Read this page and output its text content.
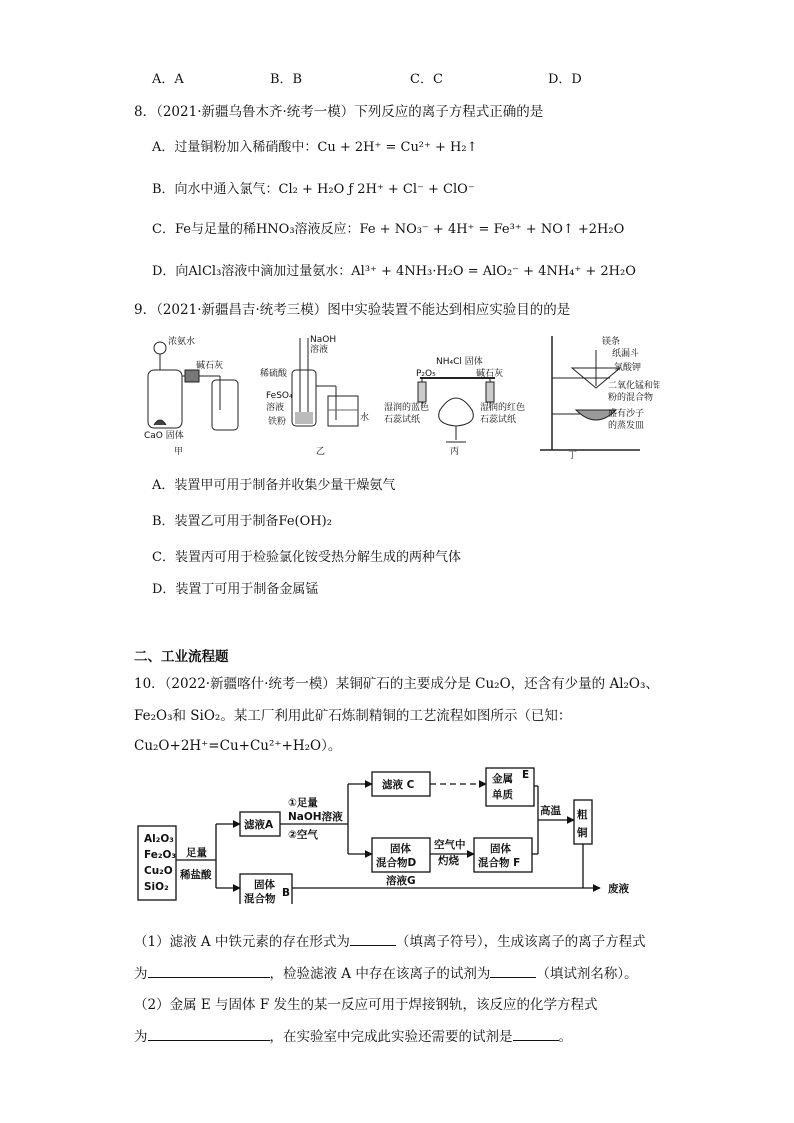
A．A	B．B	C．C	D．D
8．（2021·新疆乌鲁木齐·统考一模）下列反应的离子方程式正确的是
A．过量铜粉加入稀硝酸中：Cu + 2H⁺ = Cu²⁺ + H₂↑
B．向水中通入氯气：Cl₂ + H₂O ƒ 2H⁺ + Cl⁻ + ClO⁻
C．Fe与足量的稀HNO₃溶液反应：Fe + NO₃⁻ + 4H⁺ = Fe³⁺ + NO↑ +2H₂O
D．向AlCl₃溶液中滴加过量氨水：Al³⁺ + 4NH₃·H₂O = AlO₂⁻ + 4NH₄⁺ + 2H₂O
9．（2021·新疆昌吉·统考三模）图中实验装置不能达到相应实验目的的是
浓氨水
碱石灰
CaO 固体
甲
NaOH
溶液
稀硫酸
FeSO₄
溶液
铁粉	水
乙
NH₄Cl 固体
P₂O₅	碱石灰
湿润的蓝色
石蕊试纸
湿润的红色
石蕊试纸
丙
镁条
纸漏斗
氯酸钾
二氧化锰和铝
粉的混合物
盛有沙子
的蒸发皿
丁
A．装置甲可用于制备并收集少量干燥氨气
B．装置乙可用于制备Fe(OH)₂
C．装置丙可用于检验氯化铵受热分解生成的两种气体
D．装置丁可用于制备金属锰
二、工业流程题
10．（2022·新疆喀什·统考一模）某铜矿石的主要成分是 Cu₂O，还含有少量的 Al₂O₃、
Fe₂O₃和 SiO₂。某工厂利用此矿石炼制精铜的工艺流程如图所示（已知：
Cu₂O+2H⁺=Cu+Cu²⁺+H₂O）。
Al₂O₃
Fe₂O₃
Cu₂O
SiO₂
足量
稀盐酸
滤液A
固体
混合物 B
①足量
NaOH溶液
②空气
滤液 C
固体
混合物D
金属
单质
E
空气中
灼烧
固体
混合物 F
高温 粗
铜
溶液G
废液
（1）滤液 A 中铁元素的存在形式为	（填离子符号），生成该离子的离子方程式
为	，检验滤液 A 中存在该离子的试剂为	（填试剂名称）。
（2）金属 E 与固体 F 发生的某一反应可用于焊接钢轨，该反应的化学方程式
为	，在实验室中完成此实验还需要的试剂是	。
